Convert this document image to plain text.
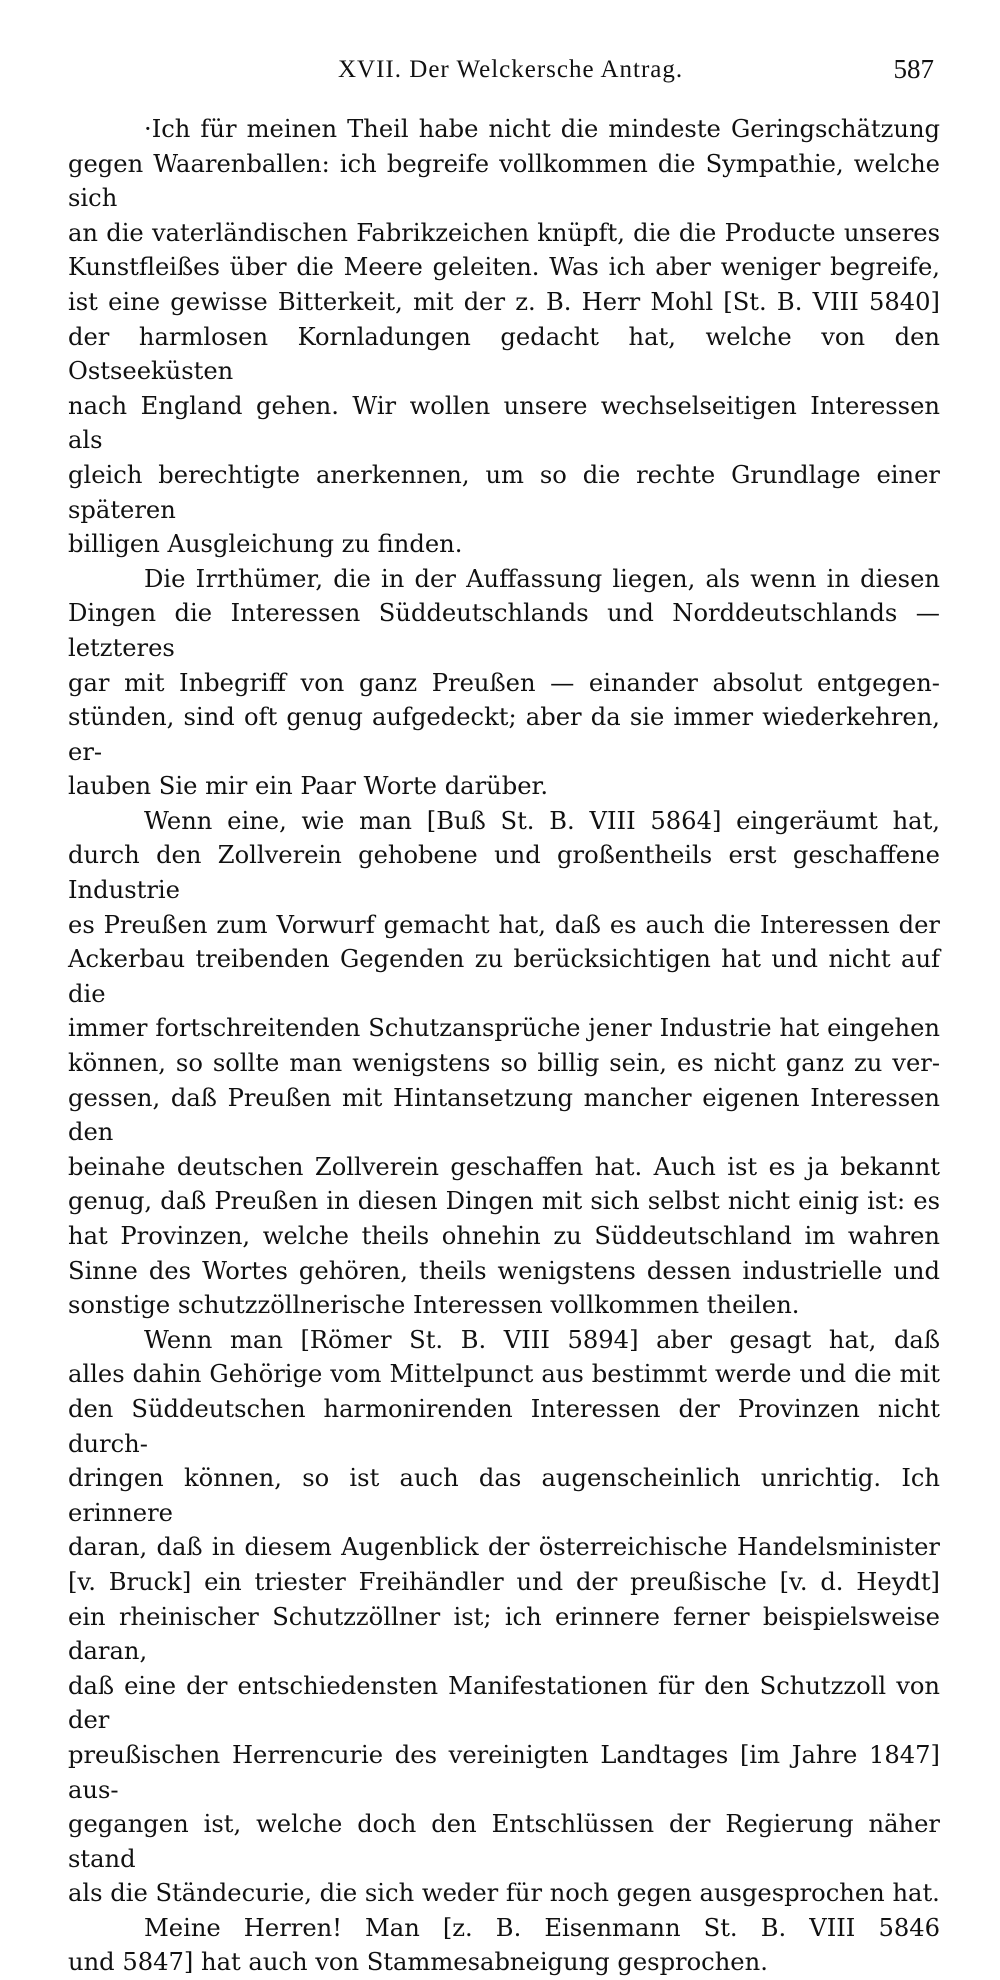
XVII. Der Welckersche Antrag.	587

·Ich für meinen Theil habe nicht die mindeste Geringschätzung

gegen Waarenballen: ich begreife vollkommen die Sympathie, welche sich

an die vaterländischen Fabrikzeichen knüpft, die die Producte unseres

Kunstfleißes über die Meere geleiten. Was ich aber weniger begreife,

ist eine gewisse Bitterkeit, mit der z. B. Herr Mohl [St. B. VIII 5840]

der harmlosen Kornladungen gedacht hat, welche von den Ostseeküsten

nach England gehen. Wir wollen unsere wechselseitigen Interessen als

gleich berechtigte anerkennen, um so die rechte Grundlage einer späteren

billigen Ausgleichung zu finden.

Die Irrthümer, die in der Auffassung liegen, als wenn in diesen

Dingen die Interessen Süddeutschlands und Norddeutschlands — letzteres

gar mit Inbegriff von ganz Preußen — einander absolut entgegen-

stünden, sind oft genug aufgedeckt; aber da sie immer wiederkehren, er-

lauben Sie mir ein Paar Worte darüber.

Wenn eine, wie man [Buß St. B. VIII 5864] eingeräumt hat,

durch den Zollverein gehobene und großentheils erst geschaffene Industrie

es Preußen zum Vorwurf gemacht hat, daß es auch die Interessen der

Ackerbau treibenden Gegenden zu berücksichtigen hat und nicht auf die

immer fortschreitenden Schutzansprüche jener Industrie hat eingehen

können, so sollte man wenigstens so billig sein, es nicht ganz zu ver-

gessen, daß Preußen mit Hintansetzung mancher eigenen Interessen den

beinahe deutschen Zollverein geschaffen hat. Auch ist es ja bekannt

genug, daß Preußen in diesen Dingen mit sich selbst nicht einig ist: es

hat Provinzen, welche theils ohnehin zu Süddeutschland im wahren

Sinne des Wortes gehören, theils wenigstens dessen industrielle und

sonstige schutzzöllnerische Interessen vollkommen theilen.

Wenn man [Römer St. B. VIII 5894] aber gesagt hat, daß

alles dahin Gehörige vom Mittelpunct aus bestimmt werde und die mit

den Süddeutschen harmonirenden Interessen der Provinzen nicht durch-

dringen können, so ist auch das augenscheinlich unrichtig. Ich erinnere

daran, daß in diesem Augenblick der österreichische Handelsminister

[v. Bruck] ein triester Freihändler und der preußische [v. d. Heydt]

ein rheinischer Schutzzöllner ist; ich erinnere ferner beispielsweise daran,

daß eine der entschiedensten Manifestationen für den Schutzzoll von der

preußischen Herrencurie des vereinigten Landtages [im Jahre 1847] aus-

gegangen ist, welche doch den Entschlüssen der Regierung näher stand

als die Ständecurie, die sich weder für noch gegen ausgesprochen hat.

Meine Herren! Man [z. B. Eisenmann St. B. VIII 5846

und 5847] hat auch von Stammesabneigung gesprochen.
